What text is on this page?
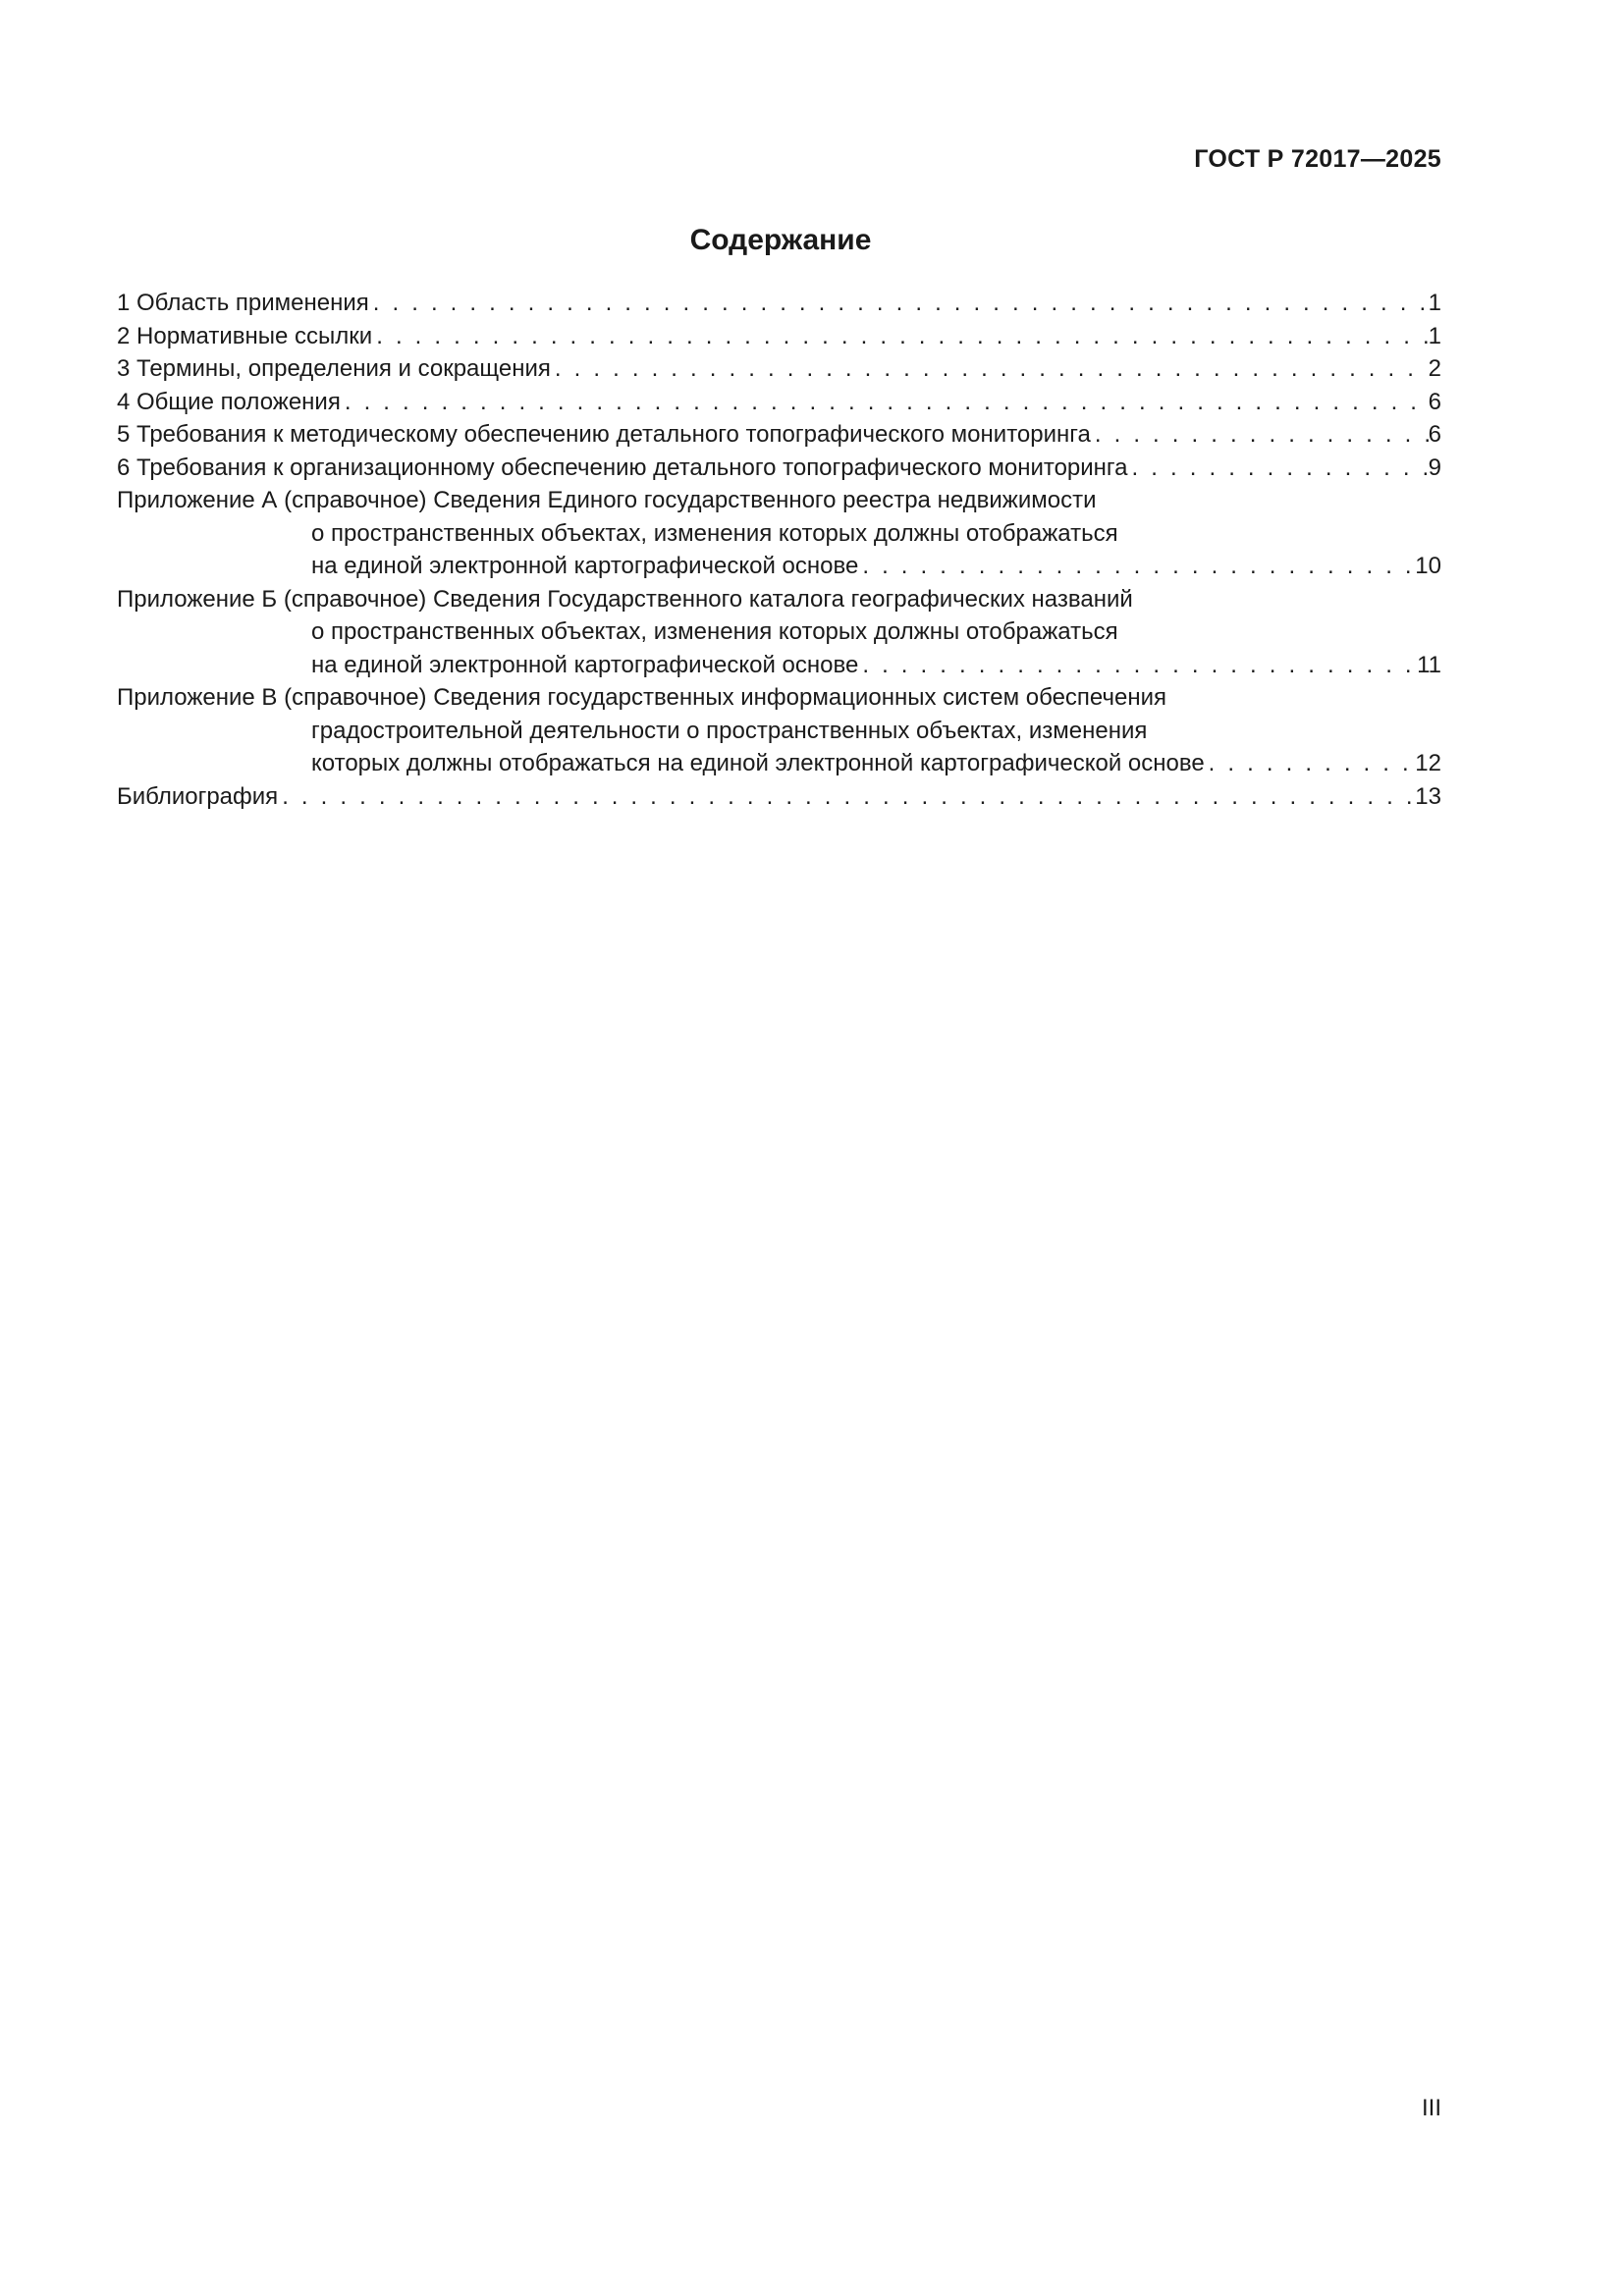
ГОСТ Р 72017—2025
Содержание
1 Область применения . . .	1
2 Нормативные ссылки . . .	1
3 Термины, определения и сокращения . . .	2
4 Общие положения . . .	6
5 Требования к методическому обеспечению детального топографического мониторинга . . .	6
6 Требования к организационному обеспечению детального топографического мониторинга . . .	9
Приложение А (справочное) Сведения Единого государственного реестра недвижимости
о пространственных объектах, изменения которых должны отображаться
на единой электронной картографической основе . . .	10
Приложение Б (справочное) Сведения Государственного каталога географических названий
о пространственных объектах, изменения которых должны отображаться
на единой электронной картографической основе . . .	11
Приложение В (справочное) Сведения государственных информационных систем обеспечения
градостроительной деятельности о пространственных объектах, изменения
которых должны отображаться на единой электронной картографической основе . . .	12
Библиография . . .	13
III
